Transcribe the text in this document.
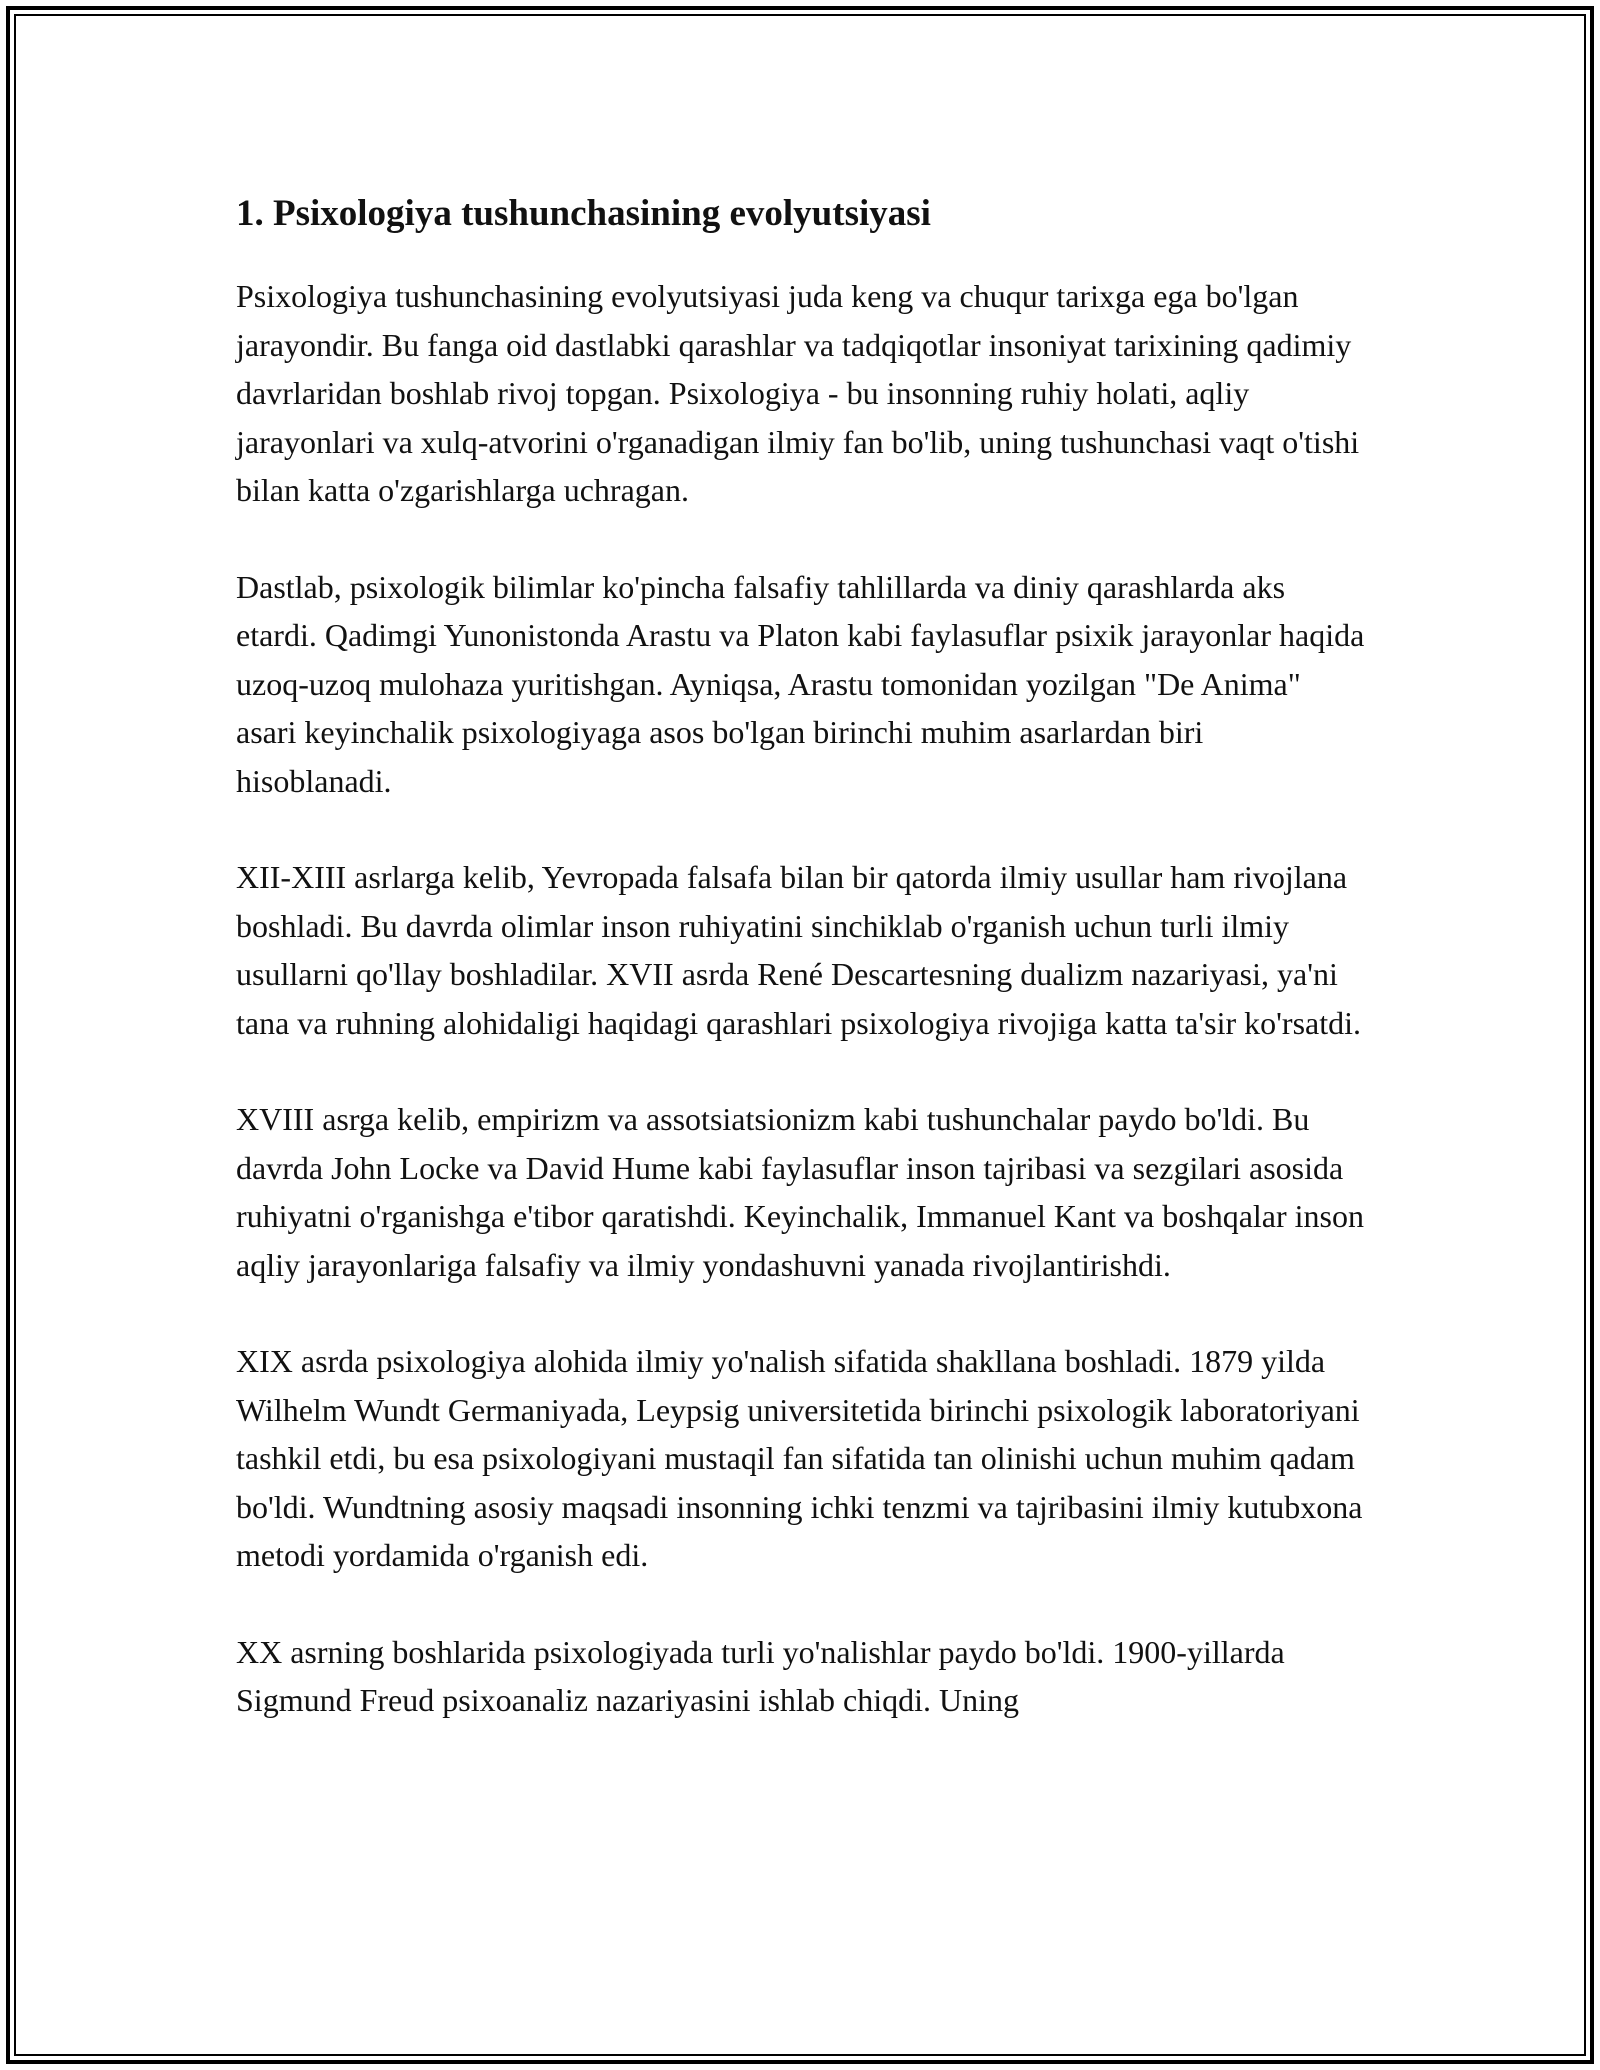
1. Psixologiya tushunchasining evolyutsiyasi

Psixologiya tushunchasining evolyutsiyasi juda keng va chuqur tarixga ega bo'lgan jarayondir. Bu fanga oid dastlabki qarashlar va tadqiqotlar insoniyat tarixining qadimiy davrlaridan boshlab rivoj topgan. Psixologiya - bu insonning ruhiy holati, aqliy jarayonlari va xulq-atvorini o'rganadigan ilmiy fan bo'lib, uning tushunchasi vaqt o'tishi bilan katta o'zgarishlarga uchragan.

Dastlab, psixologik bilimlar ko'pincha falsafiy tahlillarda va diniy qarashlarda aks etardi. Qadimgi Yunonistonda Arastu va Platon kabi faylasuflar psixik jarayonlar haqida uzoq-uzoq mulohaza yuritishgan. Ayniqsa, Arastu tomonidan yozilgan "De Anima" asari keyinchalik psixologiyaga asos bo'lgan birinchi muhim asarlardan biri hisoblanadi.

XII-XIII asrlarga kelib, Yevropada falsafa bilan bir qatorda ilmiy usullar ham rivojlana boshladi. Bu davrda olimlar inson ruhiyatini sinchiklab o'rganish uchun turli ilmiy usullarni qo'llay boshladilar. XVII asrda René Descartesning dualizm nazariyasi, ya'ni tana va ruhning alohidaligi haqidagi qarashlari psixologiya rivojiga katta ta'sir ko'rsatdi.

XVIII asrga kelib, empirizm va assotsiatsionizm kabi tushunchalar paydo bo'ldi. Bu davrda John Locke va David Hume kabi faylasuflar inson tajribasi va sezgilari asosida ruhiyatni o'rganishga e'tibor qaratishdi. Keyinchalik, Immanuel Kant va boshqalar inson aqliy jarayonlariga falsafiy va ilmiy yondashuvni yanada rivojlantirishdi.

XIX asrda psixologiya alohida ilmiy yo'nalish sifatida shakllana boshladi. 1879 yilda Wilhelm Wundt Germaniyada, Leypsig universitetida birinchi psixologik laboratoriyani tashkil etdi, bu esa psixologiyani mustaqil fan sifatida tan olinishi uchun muhim qadam bo'ldi. Wundtning asosiy maqsadi insonning ichki tenzmi va tajribasini ilmiy kutubxona metodi yordamida o'rganish edi.

XX asrning boshlarida psixologiyada turli yo'nalishlar paydo bo'ldi. 1900-yillarda Sigmund Freud psixoanaliz nazariyasini ishlab chiqdi. Uning
